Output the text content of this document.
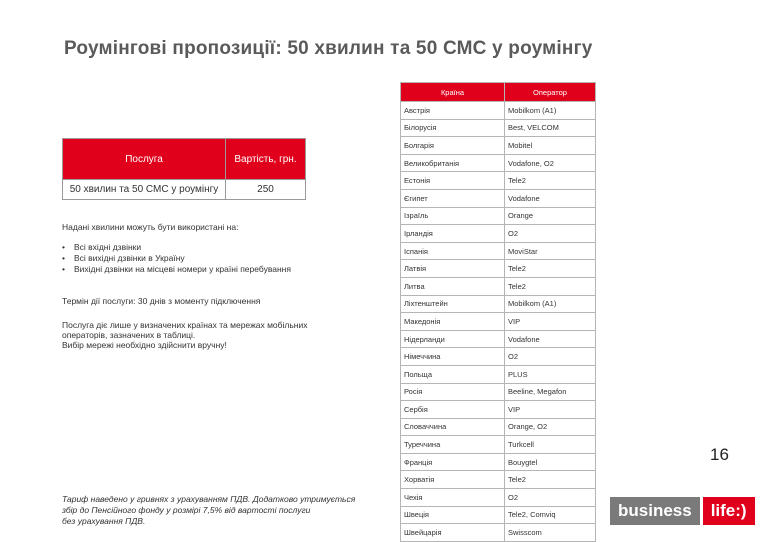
Роумінгові пропозиції: 50 хвилин та 50 СМС у роумінгу
Послуга	Вартість, грн.
50 хвилин та 50 СМС у роумінгу	250
Надані хвилини можуть бути використані на:
• Всі вхідні дзвінки
• Всі вихідні дзвінки в Україну
• Вихідні дзвінки на місцеві номери у країні перебування
Термін дії послуги: 30 днів з моменту підключення
Послуга діє лише у визначених країнах та мережах мобільних
операторів, зазначених в таблиці.
Вибір мережі необхідно здійснити вручну!
Тариф наведено у гривнях з урахуванням ПДВ. Додатково утримується
збір до Пенсійного фонду у розмірі 7,5% від вартості послуги
без урахування ПДВ.
Країна	Оператор
Австрія	Mobilkom (A1)
Білорусія	Best, VELCOM
Болгарія	Mobitel
Великобританія	Vodafone, O2
Естонія	Tele2
Єгипет	Vodafone
Ізраїль	Orange
Ірландія	O2
Іспанія	MoviStar
Латвія	Tele2
Литва	Tele2
Ліхтенштейн	Mobilkom (A1)
Македонія	VIP
Нідерланди	Vodafone
Німеччина	O2
Польща	PLUS
Росія	Beeline, Megafon
Сербія	VIP
Словаччина	Orange, O2
Туреччина	Turkcell
Франція	Bouygtel
Хорватія	Tele2
Чехія	O2
Швеція	Tele2, Comviq
Швейцарія	Swisscom
16
business	life:)
